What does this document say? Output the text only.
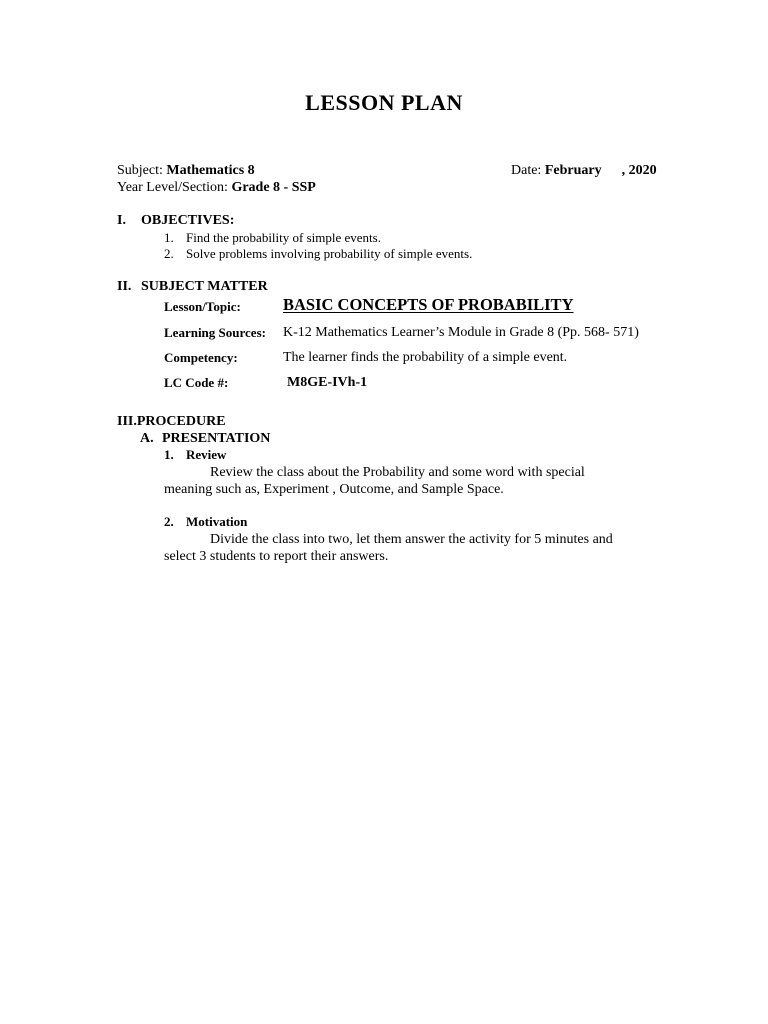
LESSON PLAN
Subject: Mathematics 8	Date: February , 2020
Year Level/Section: Grade 8 - SSP
I. OBJECTIVES:
1. Find the probability of simple events.
2. Solve problems involving probability of simple events.
II. SUBJECT MATTER
Lesson/Topic:	BASIC CONCEPTS OF PROBABILITY
Learning Sources: K-12 Mathematics Learner’s Module in Grade 8 (Pp. 568- 571)
Competency:	The learner finds the probability of a simple event.
LC Code #:	M8GE-IVh-1
III.PROCEDURE
A. PRESENTATION
1. Review
Review the class about the Probability and some word with special
meaning such as, Experiment , Outcome, and Sample Space.
2. Motivation
Divide the class into two, let them answer the activity for 5 minutes and
select 3 students to report their answers.
